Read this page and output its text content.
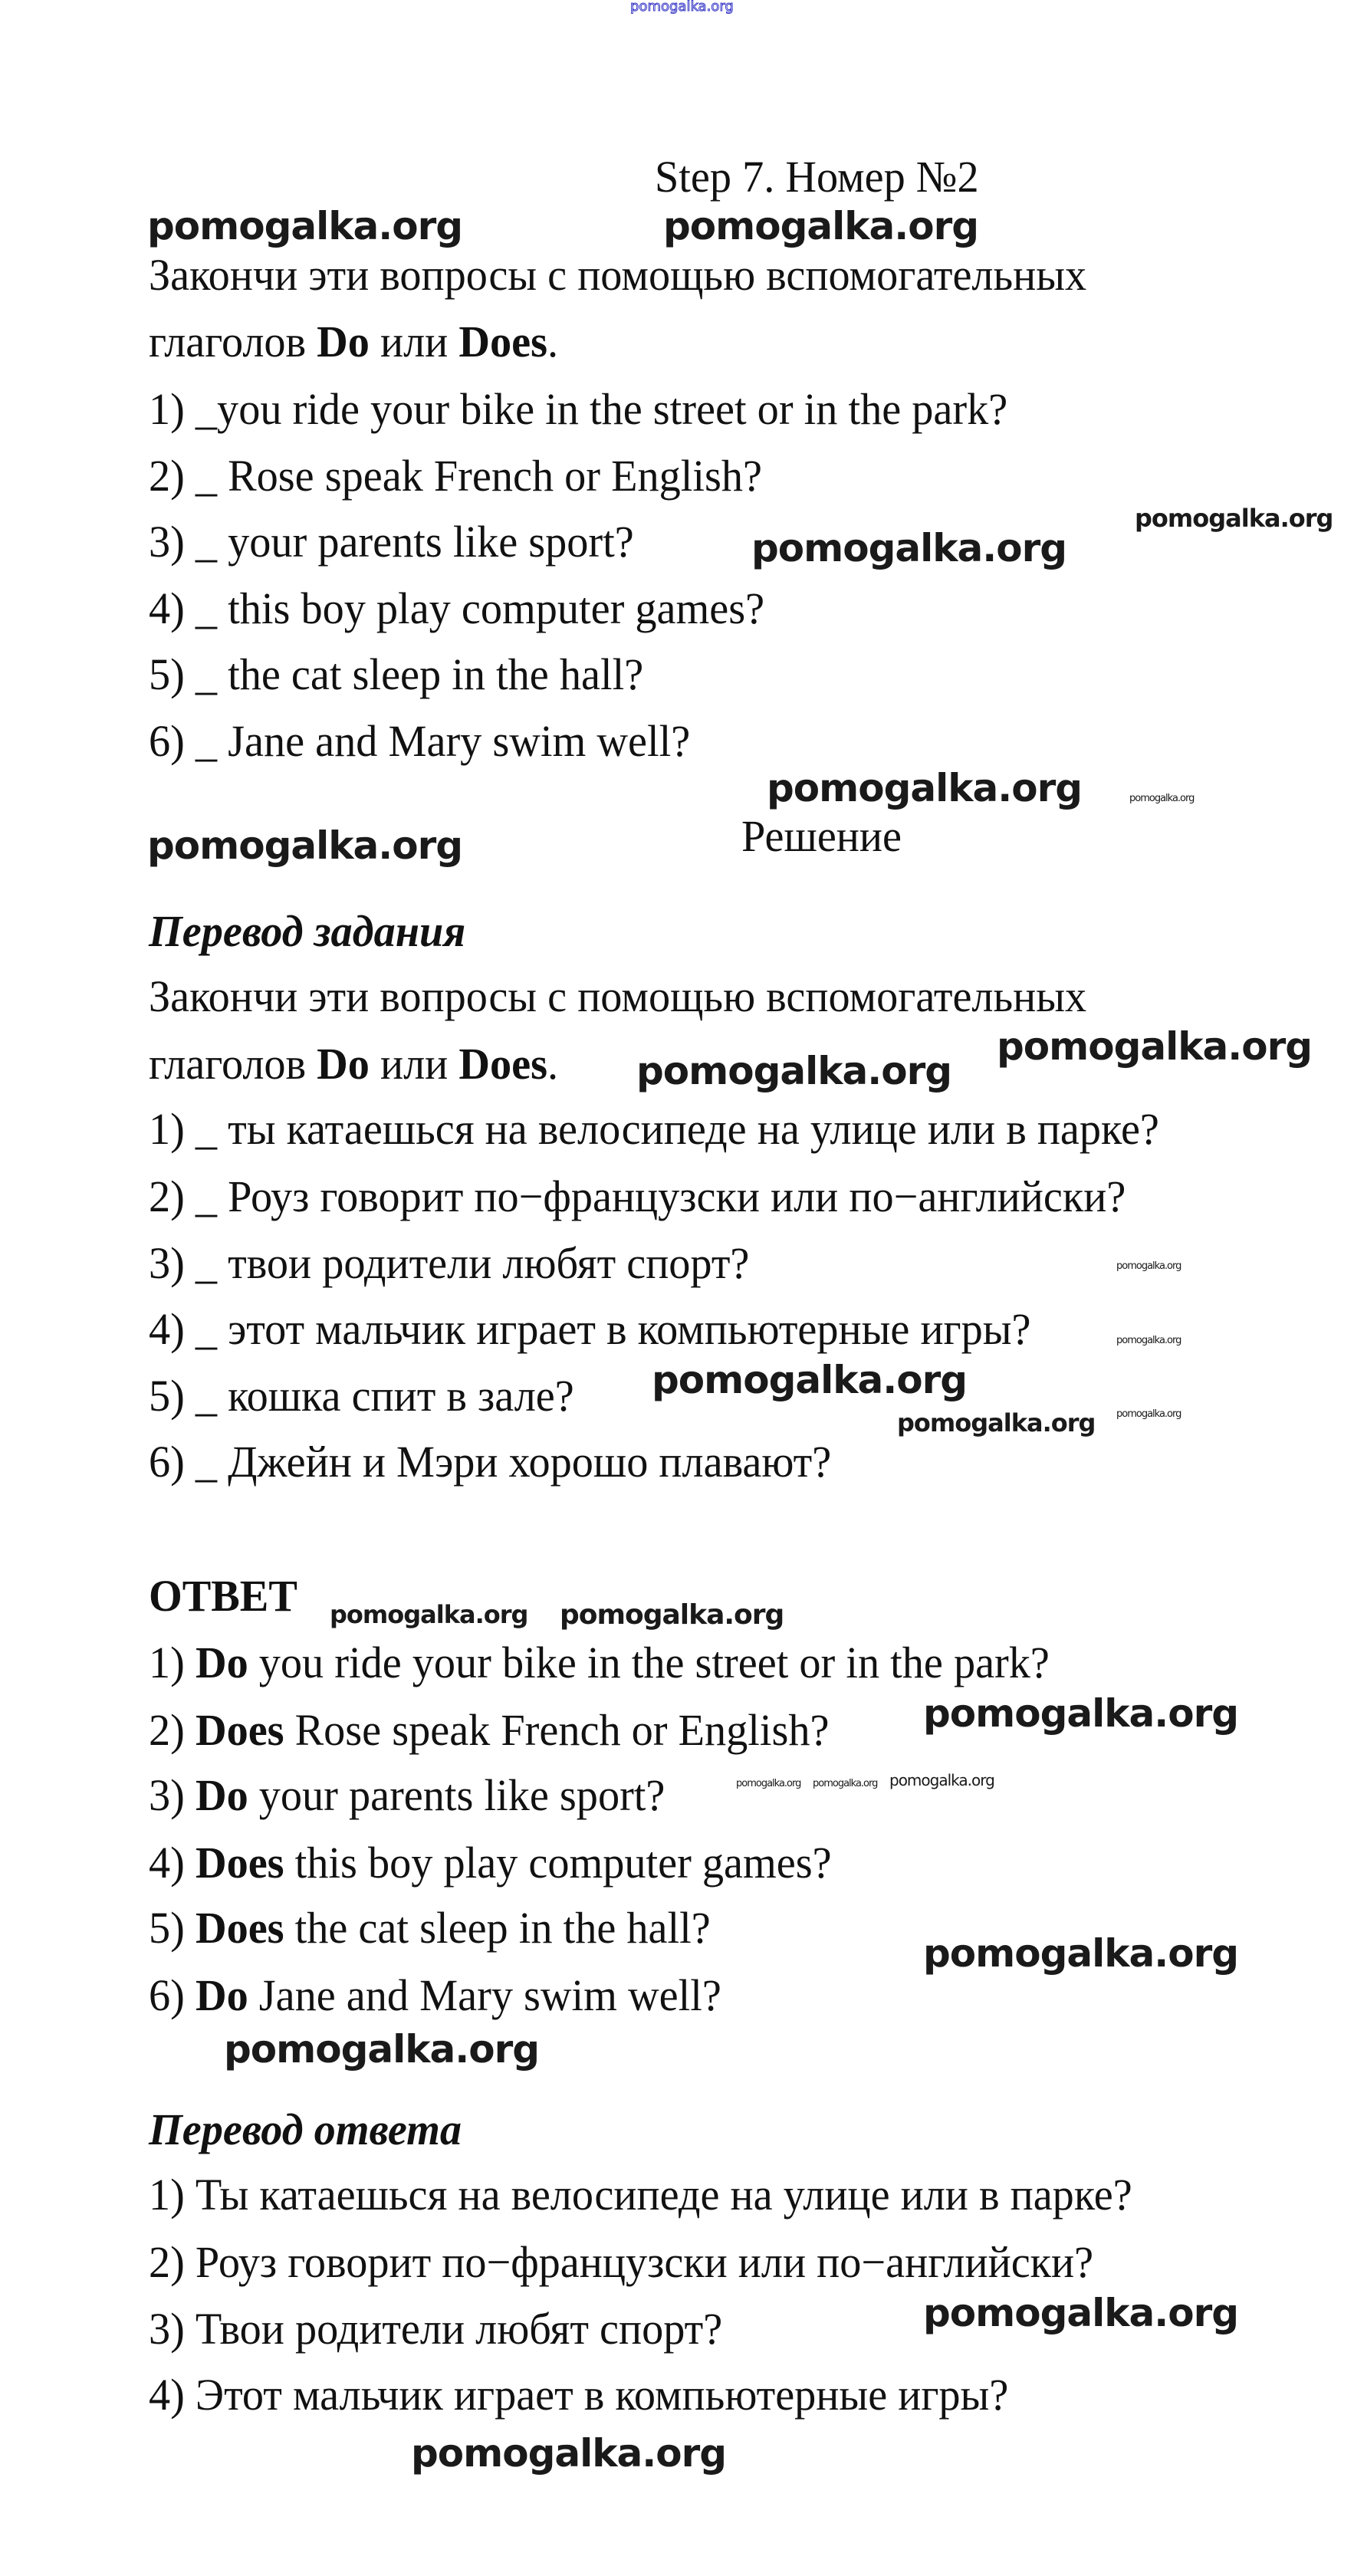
Step 7. Номер №2
Закончи эти вопросы с помощью вспомогательных
глаголов Do или Does.
1) _you ride your bike in the street or in the park?
2) _ Rose speak French or English?
3) _ your parents like sport?
4) _ this boy play computer games?
5) _ the cat sleep in the hall?
6) _ Jane and Mary swim well?
Решение
Перевод задания
Закончи эти вопросы с помощью вспомогательных
глаголов Do или Does.
1) _ ты катаешься на велосипеде на улице или в парке?
2) _ Роуз говорит по−французски или по−английски?
3) _ твои родители любят спорт?
4) _ этот мальчик играет в компьютерные игры?
5) _ кошка спит в зале?
6) _ Джейн и Мэри хорошо плавают?
ОТВЕТ
1) Do you ride your bike in the street or in the park?
2) Does Rose speak French or English?
3) Do your parents like sport?
4) Does this boy play computer games?
5) Does the cat sleep in the hall?
6) Do Jane and Mary swim well?
Перевод ответа
1) Ты катаешься на велосипеде на улице или в парке?
2) Роуз говорит по−французски или по−английски?
3) Твои родители любят спорт?
4) Этот мальчик играет в компьютерные игры?
pomogalka.org
pomogalka.org	pomogalka.org
pomogalka.org
pomogalka.org
pomogalka.org	pomogalka.org
pomogalka.org
pomogalka.org
pomogalka.org
pomogalka.org
pomogalka.org
pomogalka.org
pomogalka.org
pomogalka.org
pomogalka.org
pomogalka.org
pomogalka.org
pomogalka.org pomogalka.org pomogalka.org
pomogalka.org
pomogalka.org
pomogalka.org
pomogalka.org
